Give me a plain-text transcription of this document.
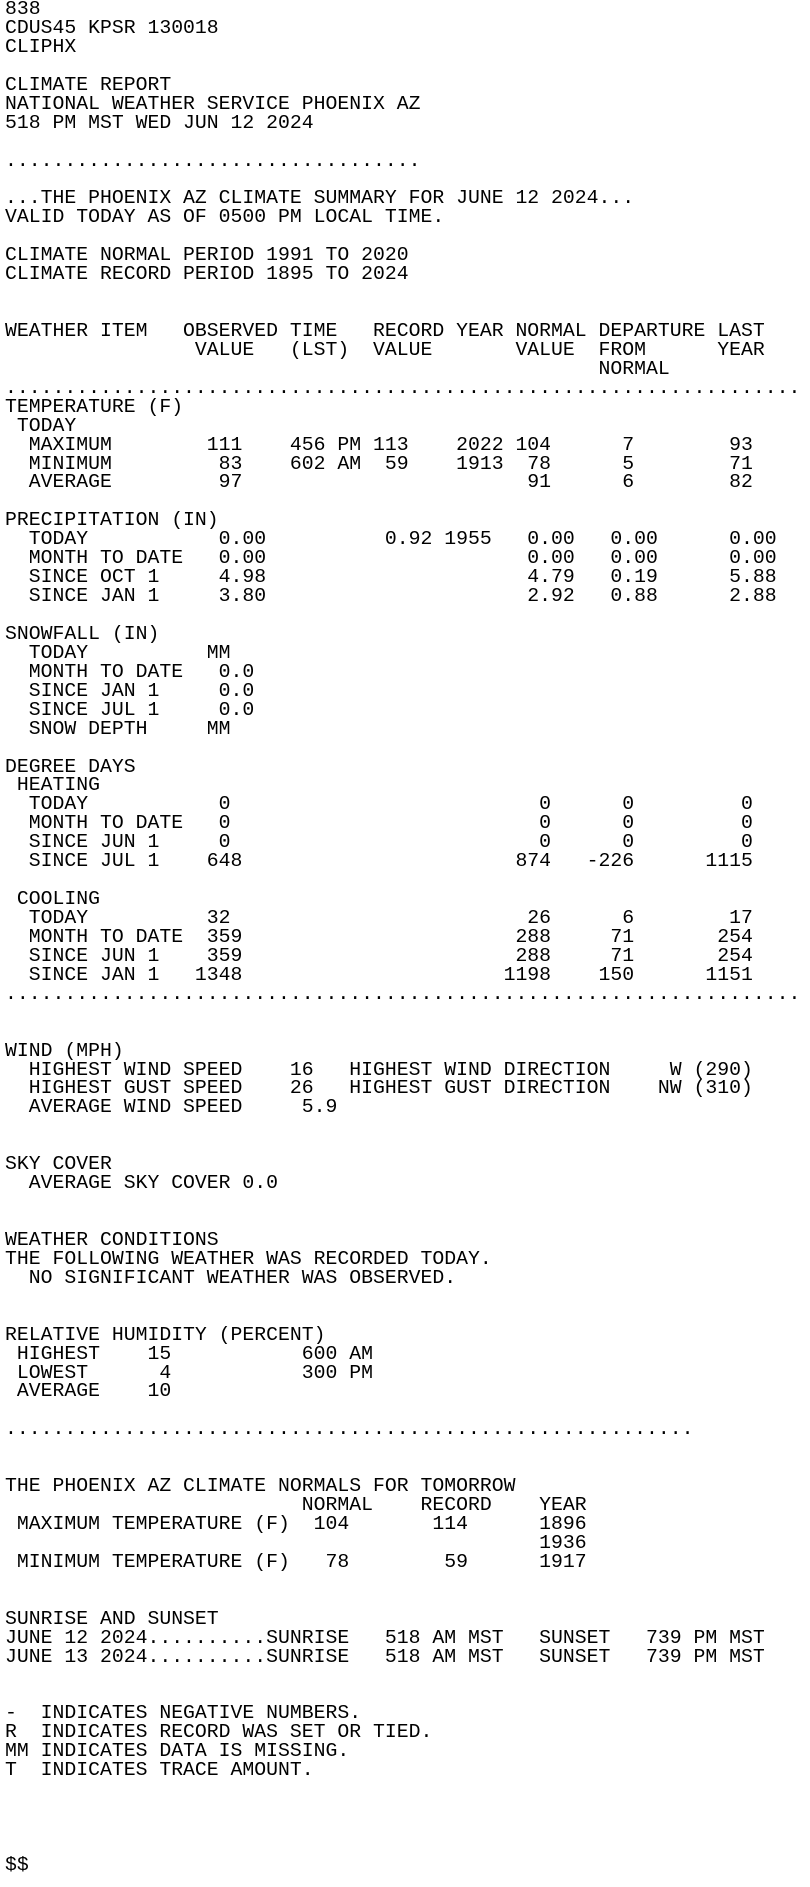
838
CDUS45 KPSR 130018
CLIPHX
CLIMATE REPORT
NATIONAL WEATHER SERVICE PHOENIX AZ
518 PM MST WED JUN 12 2024
...................................
...THE PHOENIX AZ CLIMATE SUMMARY FOR JUNE 12 2024...
VALID TODAY AS OF 0500 PM LOCAL TIME.
CLIMATE NORMAL PERIOD 1991 TO 2020
CLIMATE RECORD PERIOD 1895 TO 2024
WEATHER ITEM   OBSERVED TIME   RECORD YEAR NORMAL DEPARTURE LAST
VALUE   (LST)  VALUE       VALUE  FROM      YEAR
NORMAL
...................................................................
TEMPERATURE (F)
TODAY
MAXIMUM        111    456 PM 113    2022 104      7        93
MINIMUM         83    602 AM  59    1913  78      5        71
AVERAGE         97                        91      6        82
PRECIPITATION (IN)
TODAY           0.00          0.92 1955   0.00   0.00      0.00
MONTH TO DATE   0.00                      0.00   0.00      0.00
SINCE OCT 1     4.98                      4.79   0.19      5.88
SINCE JAN 1     3.80                      2.92   0.88      2.88
SNOWFALL (IN)
TODAY          MM
MONTH TO DATE   0.0
SINCE JAN 1     0.0
SINCE JUL 1     0.0
SNOW DEPTH     MM
DEGREE DAYS
HEATING
TODAY           0                          0      0         0
MONTH TO DATE   0                          0      0         0
SINCE JUN 1     0                          0      0         0
SINCE JUL 1    648                       874   -226      1115
COOLING
TODAY          32                         26      6        17
MONTH TO DATE  359                       288     71       254
SINCE JUN 1    359                       288     71       254
SINCE JAN 1   1348                      1198    150      1151
...................................................................
WIND (MPH)
HIGHEST WIND SPEED    16   HIGHEST WIND DIRECTION     W (290)
HIGHEST GUST SPEED    26   HIGHEST GUST DIRECTION    NW (310)
AVERAGE WIND SPEED     5.9
SKY COVER
AVERAGE SKY COVER 0.0
WEATHER CONDITIONS
THE FOLLOWING WEATHER WAS RECORDED TODAY.
NO SIGNIFICANT WEATHER WAS OBSERVED.
RELATIVE HUMIDITY (PERCENT)
HIGHEST    15           600 AM
LOWEST      4           300 PM
AVERAGE    10
..........................................................
THE PHOENIX AZ CLIMATE NORMALS FOR TOMORROW
NORMAL    RECORD    YEAR
MAXIMUM TEMPERATURE (F)  104       114      1896
1936
MINIMUM TEMPERATURE (F)   78        59      1917
SUNRISE AND SUNSET
JUNE 12 2024..........SUNRISE   518 AM MST   SUNSET   739 PM MST
JUNE 13 2024..........SUNRISE   518 AM MST   SUNSET   739 PM MST
-  INDICATES NEGATIVE NUMBERS.
R  INDICATES RECORD WAS SET OR TIED.
MM INDICATES DATA IS MISSING.
T  INDICATES TRACE AMOUNT.
$$
